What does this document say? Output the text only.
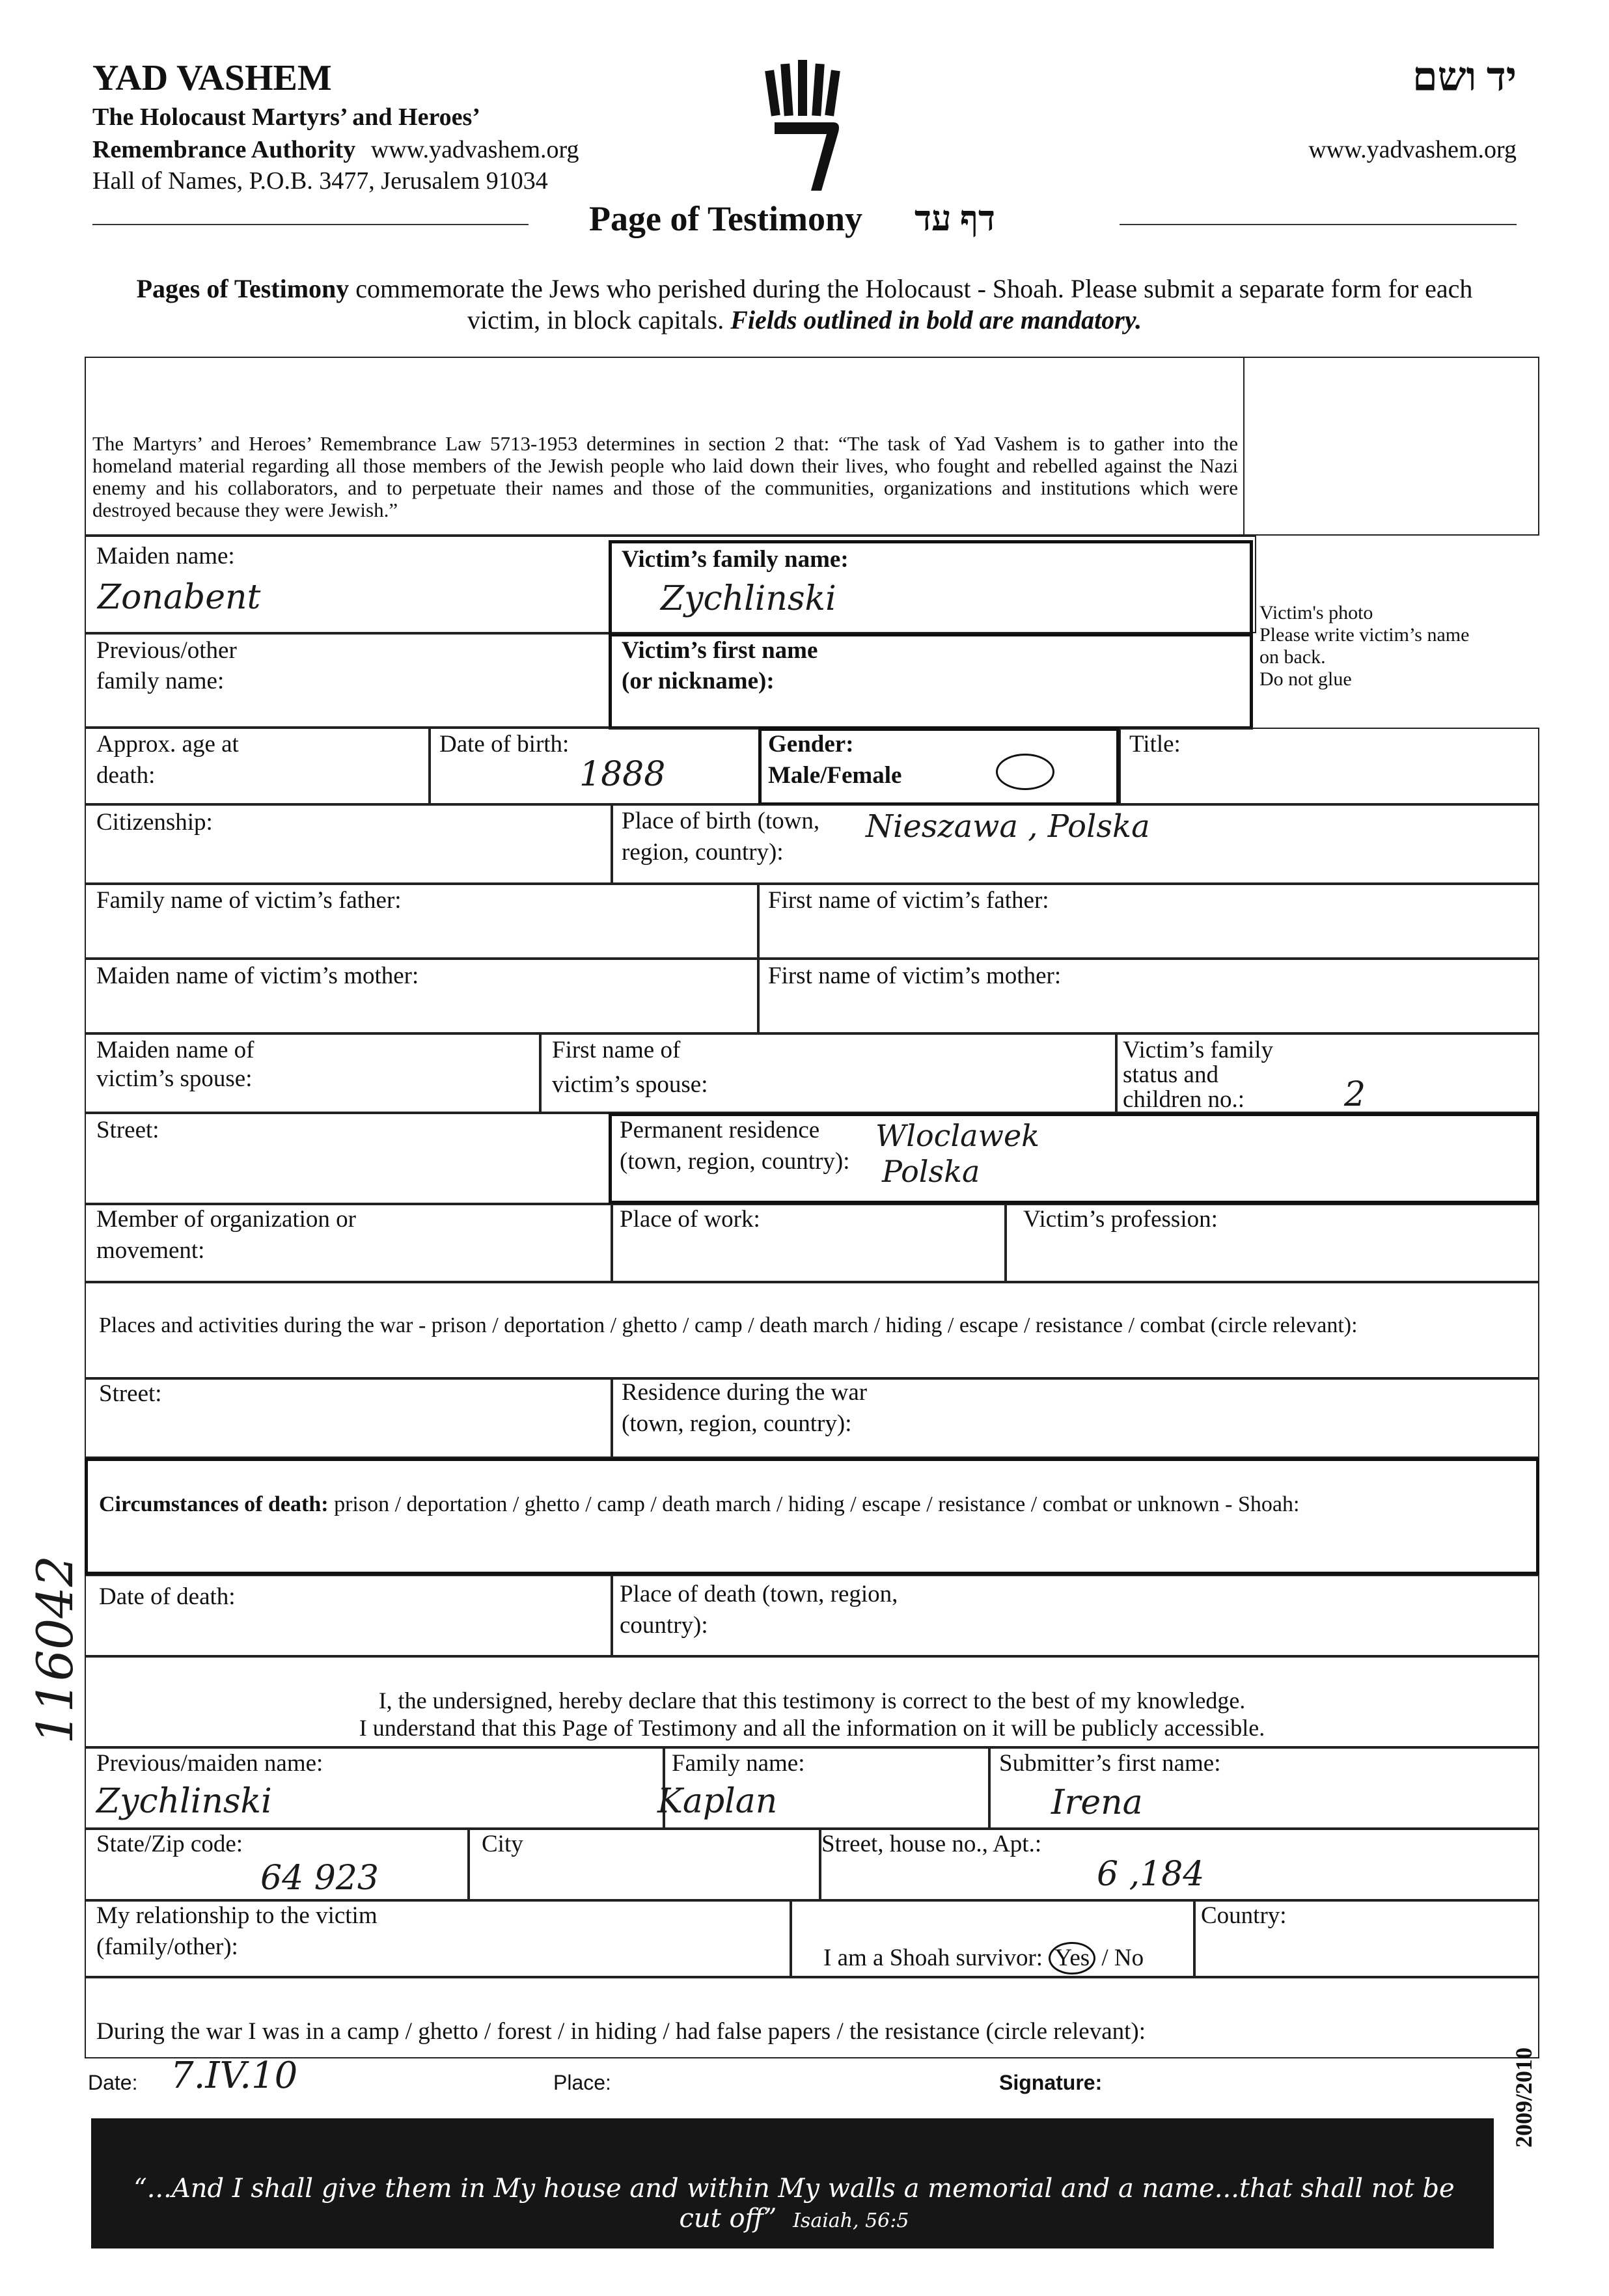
YAD VASHEM
The Holocaust Martyrs’ and Heroes’
Remembrance Authority www.yadvashem.org
Hall of Names, P.O.B. 3477, Jerusalem 91034
יד ושם
www.yadvashem.org
Page of Testimony דף עד
Pages of Testimony commemorate the Jews who perished during the Holocaust - Shoah. Please submit a separate form for each
victim, in block capitals. Fields outlined in bold are mandatory.
The Martyrs’ and Heroes’ Remembrance Law 5713-1953 determines in section 2 that: “The task of Yad Vashem is to gather into the homeland material regarding all those members of the Jewish people who laid down their lives, who fought and rebelled against the Nazi enemy and his collaborators, and to perpetuate their names and those of the communities, organizations and institutions which were destroyed because they were Jewish.”
Maiden name:
Zonabent
Victim’s family name:
Zychlinski	Victim's photo
Please write victim’s name
on back.
Do not glue
Previous/other
family name:
Victim’s first name
(or nickname):
Approx. age at
death:
Date of birth:
1888
Gender:
Male/Female
Title:
Citizenship:	Place of birth (town,
region, country):
Nieszawa , Polska
Family name of victim’s father:	First name of victim’s father:
Maiden name of victim’s mother:	First name of victim’s mother:
Maiden name of
victim’s spouse:
First name of
victim’s spouse:
Victim’s family
status and
children no.:	2
Street:	Permanent residence
(town, region, country):
Wloclawek
Polska
Member of organization or
movement:
Place of work:	Victim’s profession:
Places and activities during the war - prison / deportation / ghetto / camp / death march / hiding / escape / resistance / combat (circle relevant):
Street:	Residence during the war
(town, region, country):
Circumstances of death: prison / deportation / ghetto / camp / death march / hiding / escape / resistance / combat or unknown - Shoah:
Date of death:	Place of death (town, region,
country):
I, the undersigned, hereby declare that this testimony is correct to the best of my knowledge.
I understand that this Page of Testimony and all the information on it will be publicly accessible.
Previous/maiden name:
Zychlinski
Family name:
Kaplan
Submitter’s first name:
Irena
State/Zip code:
64 923
City	Street, house no., Apt.:
6 ,184
My relationship to the victim
(family/other):	I am a Shoah survivor: Yes / No
Country:
During the war I was in a camp / ghetto / forest / in hiding / had false papers / the resistance (circle relevant):
Date: 7.IV.10	Place:	Signature:
“...And I shall give them in My house and within My walls a memorial and a name...that shall not be cut off” Isaiah, 56:5
2009/2010
116042
